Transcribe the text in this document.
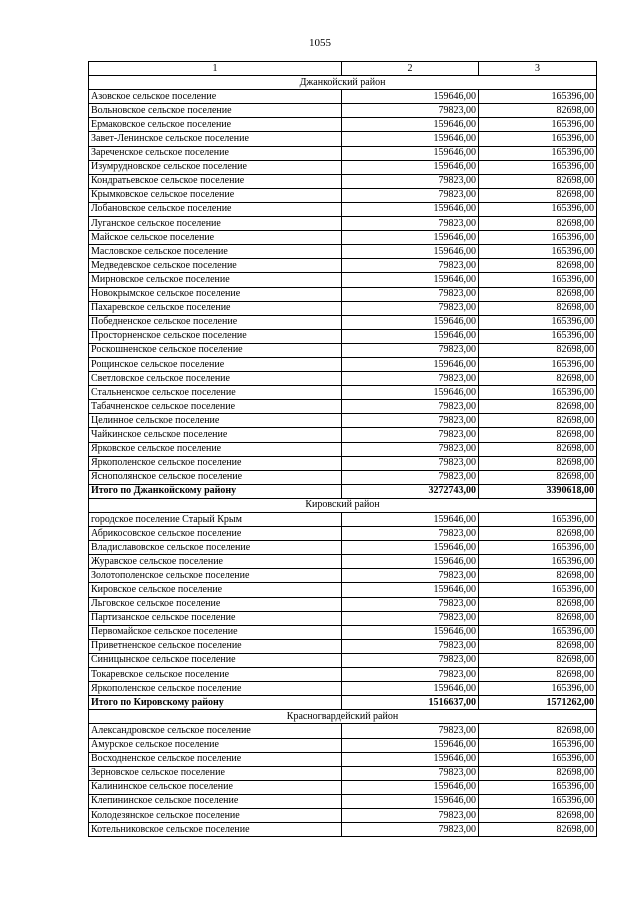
1055
1	2	3
Джанкойский район		
Азовское сельское поселение	159646,00	165396,00
Вольновское сельское поселение	79823,00	82698,00
Ермаковское сельское поселение	159646,00	165396,00
Завет-Ленинское сельское поселение	159646,00	165396,00
Зареченское сельское поселение	159646,00	165396,00
Изумрудновское сельское поселение	159646,00	165396,00
Кондратьевское сельское поселение	79823,00	82698,00
Крымковское сельское поселение	79823,00	82698,00
Лобановское сельское поселение	159646,00	165396,00
Луганское сельское поселение	79823,00	82698,00
Майское сельское поселение	159646,00	165396,00
Масловское сельское поселение	159646,00	165396,00
Медведевское сельское поселение	79823,00	82698,00
Мирновское сельское поселение	159646,00	165396,00
Новокрымское сельское поселение	79823,00	82698,00
Пахаревское сельское поселение	79823,00	82698,00
Победненское сельское поселение	159646,00	165396,00
Просторненское сельское поселение	159646,00	165396,00
Роскошненское сельское поселение	79823,00	82698,00
Рощинское сельское поселение	159646,00	165396,00
Светловское сельское поселение	79823,00	82698,00
Стальненское сельское поселение	159646,00	165396,00
Табачненское сельское поселение	79823,00	82698,00
Целинное сельское поселение	79823,00	82698,00
Чайкинское сельское поселение	79823,00	82698,00
Ярковское сельское поселение	79823,00	82698,00
Яркополенское сельское поселение	79823,00	82698,00
Яснополянское сельское поселение	79823,00	82698,00
Итого по Джанкойскому району	3272743,00	3390618,00
Кировский район		
городское поселение Старый Крым	159646,00	165396,00
Абрикосовское сельское поселение	79823,00	82698,00
Владиславовское сельское поселение	159646,00	165396,00
Журавское сельское поселение	159646,00	165396,00
Золотополенское сельское поселение	79823,00	82698,00
Кировское сельское поселение	159646,00	165396,00
Льговское сельское поселение	79823,00	82698,00
Партизанское сельское поселение	79823,00	82698,00
Первомайское сельское поселение	159646,00	165396,00
Приветненское сельское поселение	79823,00	82698,00
Синицынское сельское поселение	79823,00	82698,00
Токаревское сельское поселение	79823,00	82698,00
Яркополенское сельское поселение	159646,00	165396,00
Итого по Кировскому району	1516637,00	1571262,00
Красногвардейский район		
Александровское сельское поселение	79823,00	82698,00
Амурское сельское поселение	159646,00	165396,00
Восходненское сельское поселение	159646,00	165396,00
Зерновское сельское поселение	79823,00	82698,00
Калининское сельское поселение	159646,00	165396,00
Клепининское сельское поселение	159646,00	165396,00
Колодезянское сельское поселение	79823,00	82698,00
Котельниковское сельское поселение	79823,00	82698,00
